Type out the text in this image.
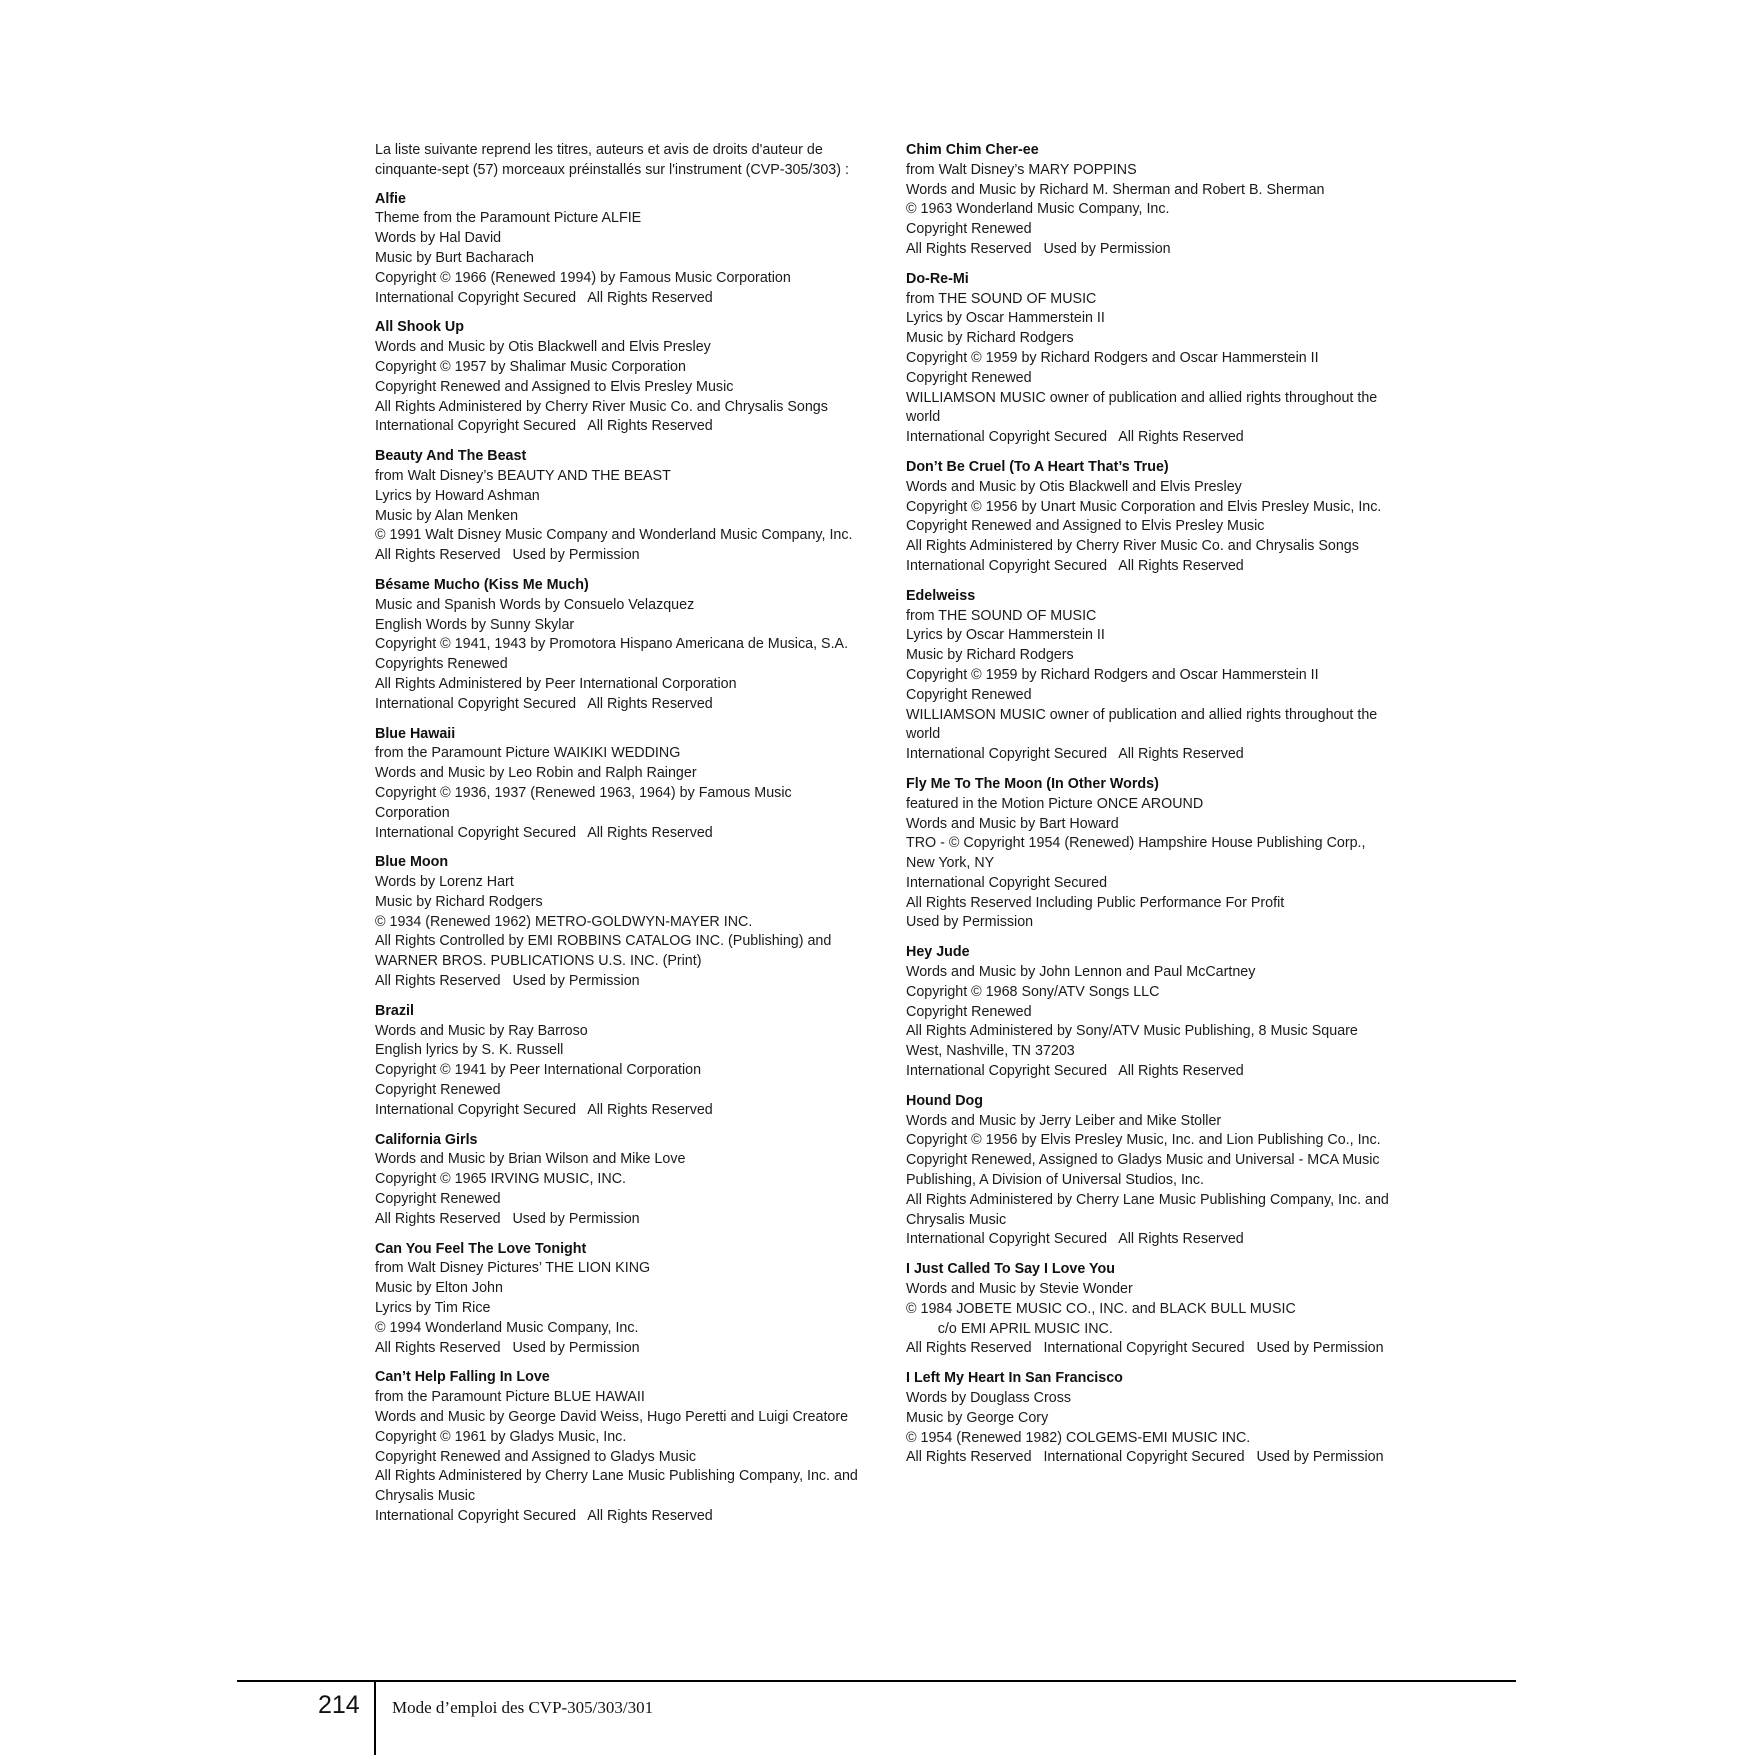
La liste suivante reprend les titres, auteurs et avis de droits d'auteur de cinquante-sept (57) morceaux préinstallés sur l'instrument (CVP-305/303) :
Alfie
Theme from the Paramount Picture ALFIE
Words by Hal David
Music by Burt Bacharach
Copyright © 1966 (Renewed 1994) by Famous Music Corporation
International Copyright Secured   All Rights Reserved
All Shook Up
Words and Music by Otis Blackwell and Elvis Presley
Copyright © 1957 by Shalimar Music Corporation
Copyright Renewed and Assigned to Elvis Presley Music
All Rights Administered by Cherry River Music Co. and Chrysalis Songs
International Copyright Secured   All Rights Reserved
Beauty And The Beast
from Walt Disney’s BEAUTY AND THE BEAST
Lyrics by Howard Ashman
Music by Alan Menken
© 1991 Walt Disney Music Company and Wonderland Music Company, Inc.
All Rights Reserved   Used by Permission
Bésame Mucho (Kiss Me Much)
Music and Spanish Words by Consuelo Velazquez
English Words by Sunny Skylar
Copyright © 1941, 1943 by Promotora Hispano Americana de Musica, S.A.
Copyrights Renewed
All Rights Administered by Peer International Corporation
International Copyright Secured   All Rights Reserved
Blue Hawaii
from the Paramount Picture WAIKIKI WEDDING
Words and Music by Leo Robin and Ralph Rainger
Copyright © 1936, 1937 (Renewed 1963, 1964) by Famous Music Corporation
International Copyright Secured   All Rights Reserved
Blue Moon
Words by Lorenz Hart
Music by Richard Rodgers
© 1934 (Renewed 1962) METRO-GOLDWYN-MAYER INC.
All Rights Controlled by EMI ROBBINS CATALOG INC. (Publishing) and WARNER BROS. PUBLICATIONS U.S. INC. (Print)
All Rights Reserved   Used by Permission
Brazil
Words and Music by Ray Barroso
English lyrics by S. K. Russell
Copyright © 1941 by Peer International Corporation
Copyright Renewed
International Copyright Secured   All Rights Reserved
California Girls
Words and Music by Brian Wilson and Mike Love
Copyright © 1965 IRVING MUSIC, INC.
Copyright Renewed
All Rights Reserved   Used by Permission
Can You Feel The Love Tonight
from Walt Disney Pictures’ THE LION KING
Music by Elton John
Lyrics by Tim Rice
© 1994 Wonderland Music Company, Inc.
All Rights Reserved   Used by Permission
Can’t Help Falling In Love
from the Paramount Picture BLUE HAWAII
Words and Music by George David Weiss, Hugo Peretti and Luigi Creatore
Copyright © 1961 by Gladys Music, Inc.
Copyright Renewed and Assigned to Gladys Music
All Rights Administered by Cherry Lane Music Publishing Company, Inc. and Chrysalis Music
International Copyright Secured   All Rights Reserved
Chim Chim Cher-ee
from Walt Disney’s MARY POPPINS
Words and Music by Richard M. Sherman and Robert B. Sherman
© 1963 Wonderland Music Company, Inc.
Copyright Renewed
All Rights Reserved   Used by Permission
Do-Re-Mi
from THE SOUND OF MUSIC
Lyrics by Oscar Hammerstein II
Music by Richard Rodgers
Copyright © 1959 by Richard Rodgers and Oscar Hammerstein II
Copyright Renewed
WILLIAMSON MUSIC owner of publication and allied rights throughout the world
International Copyright Secured   All Rights Reserved
Don’t Be Cruel (To A Heart That’s True)
Words and Music by Otis Blackwell and Elvis Presley
Copyright © 1956 by Unart Music Corporation and Elvis Presley Music, Inc.
Copyright Renewed and Assigned to Elvis Presley Music
All Rights Administered by Cherry River Music Co. and Chrysalis Songs
International Copyright Secured   All Rights Reserved
Edelweiss
from THE SOUND OF MUSIC
Lyrics by Oscar Hammerstein II
Music by Richard Rodgers
Copyright © 1959 by Richard Rodgers and Oscar Hammerstein II
Copyright Renewed
WILLIAMSON MUSIC owner of publication and allied rights throughout the world
International Copyright Secured   All Rights Reserved
Fly Me To The Moon (In Other Words)
featured in the Motion Picture ONCE AROUND
Words and Music by Bart Howard
TRO - © Copyright 1954 (Renewed) Hampshire House Publishing Corp., New York, NY
International Copyright Secured
All Rights Reserved Including Public Performance For Profit
Used by Permission
Hey Jude
Words and Music by John Lennon and Paul McCartney
Copyright © 1968 Sony/ATV Songs LLC
Copyright Renewed
All Rights Administered by Sony/ATV Music Publishing, 8 Music Square West, Nashville, TN 37203
International Copyright Secured   All Rights Reserved
Hound Dog
Words and Music by Jerry Leiber and Mike Stoller
Copyright © 1956 by Elvis Presley Music, Inc. and Lion Publishing Co., Inc.
Copyright Renewed, Assigned to Gladys Music and Universal - MCA Music Publishing, A Division of Universal Studios, Inc.
All Rights Administered by Cherry Lane Music Publishing Company, Inc. and Chrysalis Music
International Copyright Secured   All Rights Reserved
I Just Called To Say I Love You
Words and Music by Stevie Wonder
© 1984 JOBETE MUSIC CO., INC. and BLACK BULL MUSIC
c/o EMI APRIL MUSIC INC.
All Rights Reserved   International Copyright Secured   Used by Permission
I Left My Heart In San Francisco
Words by Douglass Cross
Music by George Cory
© 1954 (Renewed 1982) COLGEMS-EMI MUSIC INC.
All Rights Reserved   International Copyright Secured   Used by Permission
214 Mode d’emploi des CVP-305/303/301
